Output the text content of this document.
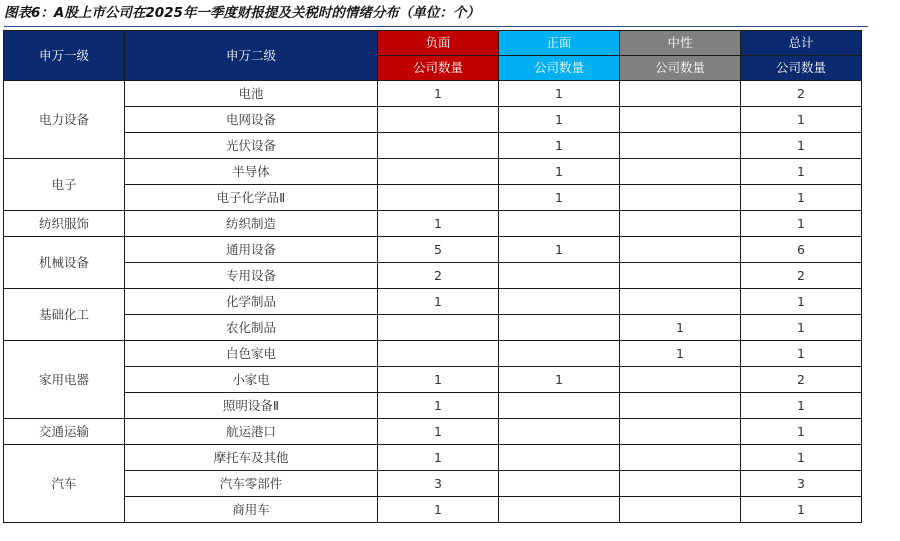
图表6：A股上市公司在2025年一季度财报提及关税时的情绪分布（单位：个）
申万一级	申万二级	负面	正面	中性	总计
		公司数量	公司数量	公司数量	公司数量
电力设备	电池	1	1		2
	电网设备		1		1
	光伏设备		1		1
电子	半导体		1		1
	电子化学品Ⅱ		1		1
纺织服饰	纺织制造	1			1
机械设备	通用设备	5	1		6
	专用设备	2			2
基础化工	化学制品	1			1
	农化制品			1	1
家用电器	白色家电			1	1
	小家电	1	1		2
	照明设备Ⅱ	1			1
交通运输	航运港口	1			1
汽车	摩托车及其他	1			1
	汽车零部件	3			3
	商用车	1			1
